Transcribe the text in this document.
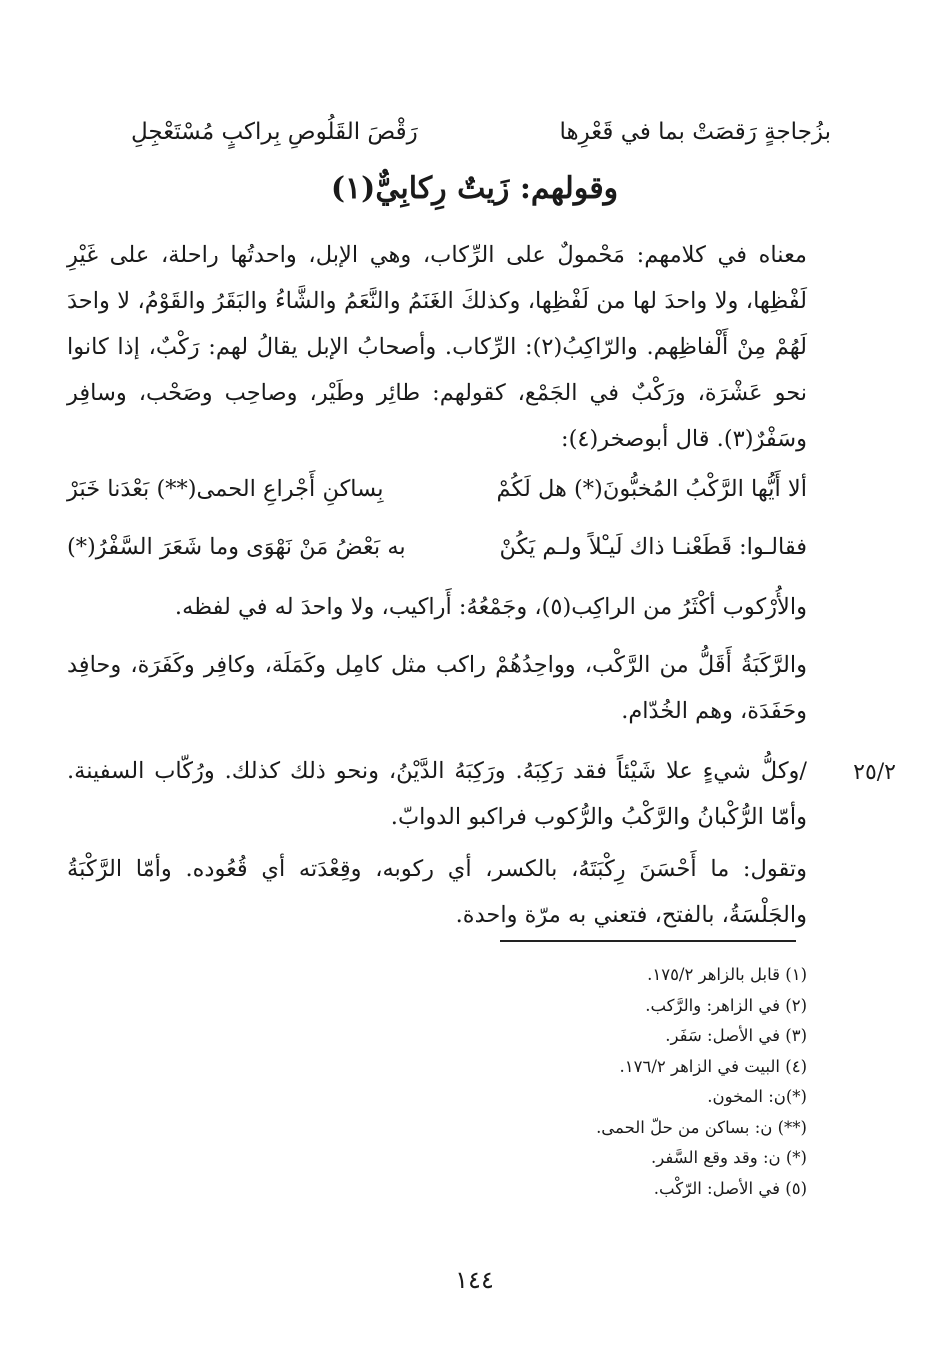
بزُجاجةٍ رَقصَتْ بما في قَعْرِها
رَقْصَ القَلُوصِ بِراكبٍ مُسْتَعْجِلِ
وقولهم: زَيتٌ رِكابِيٌّ(١)
معناه في كلامهم: مَحْمولٌ على الرِّكاب، وهي الإبل، واحدتُها راحلة، على غَيْرِ لَفْظِها، ولا واحدَ لها من لَفْظِها، وكذلكَ الغَنَمُ والنَّعَمُ والشَّاءُ والبَقَرُ والقَوْمُ، لا واحدَ لَهُمْ مِنْ أَلْفاظِهم. والرّاكِبُ(٢): الرِّكاب. وأصحابُ الإبل يقالُ لهم: رَكْبٌ، إذا كانوا نحو عَشْرَة، ورَكْبٌ في الجَمْع، كقولهم: طائِر وطَيْر، وصاحِب وصَحْب، وسافِر وسَفْرٌ(٣). قال أبوصخر(٤):
ألا أَيُّها الرَّكْبُ المُخبُّونَ(*) هل لَكُمْ
بِساكنِ أَجْراعِ الحمى(**) بَعْدَنا خَبَرْ
فقالـوا: قَطَعْنـا ذاك لَيـْلاً ولـم يَكُنْ
به بَعْضُ مَنْ نَهْوَى وما شَعَرَ السَّفْرُ(*)
والأُرْكوب أكْثَرُ من الراكِب(٥)، وجَمْعُهُ: أَراكيب، ولا واحدَ له في لفظه.
والرَّكَبَةُ أَقَلُّ من الرَّكْب، وواحِدُهُمْ راكب مثل كامِل وكَمَلَة، وكافِر وكَفَرَة، وحافِد وحَفَدَة، وهم الخُدّام.
٢٥/٢
/وكلُّ شيءٍ علا شَيْئاً فقد رَكِبَهُ. ورَكِبَهُ الدَّيْنُ، ونحو ذلك كذلك. ورُكّاب السفينة. وأمّا الرُّكْبانُ والرَّكْبُ والرُّكوب فراكبو الدوابّ.
وتقول: ما أَحْسَنَ رِكْبَتَهُ، بالكسر، أي ركوبه، وقِعْدَته أي قُعُوده. وأمّا الرَّكْبَةُ والجَلْسَةُ، بالفتح، فتعني به مرّة واحدة.
(١) قابل بالزاهر ١٧٥/٢.
(٢) في الزاهر: والرَّكب.
(٣) في الأصل: سَفَر.
(٤) البيت في الزاهر ١٧٦/٢.
(*)ن: المخون.
(**) ن: بساكن من حلّ الحمى.
(*) ن: وقد وقع السَّفر.
(٥) في الأصل: الرّكْب.
١٤٤
